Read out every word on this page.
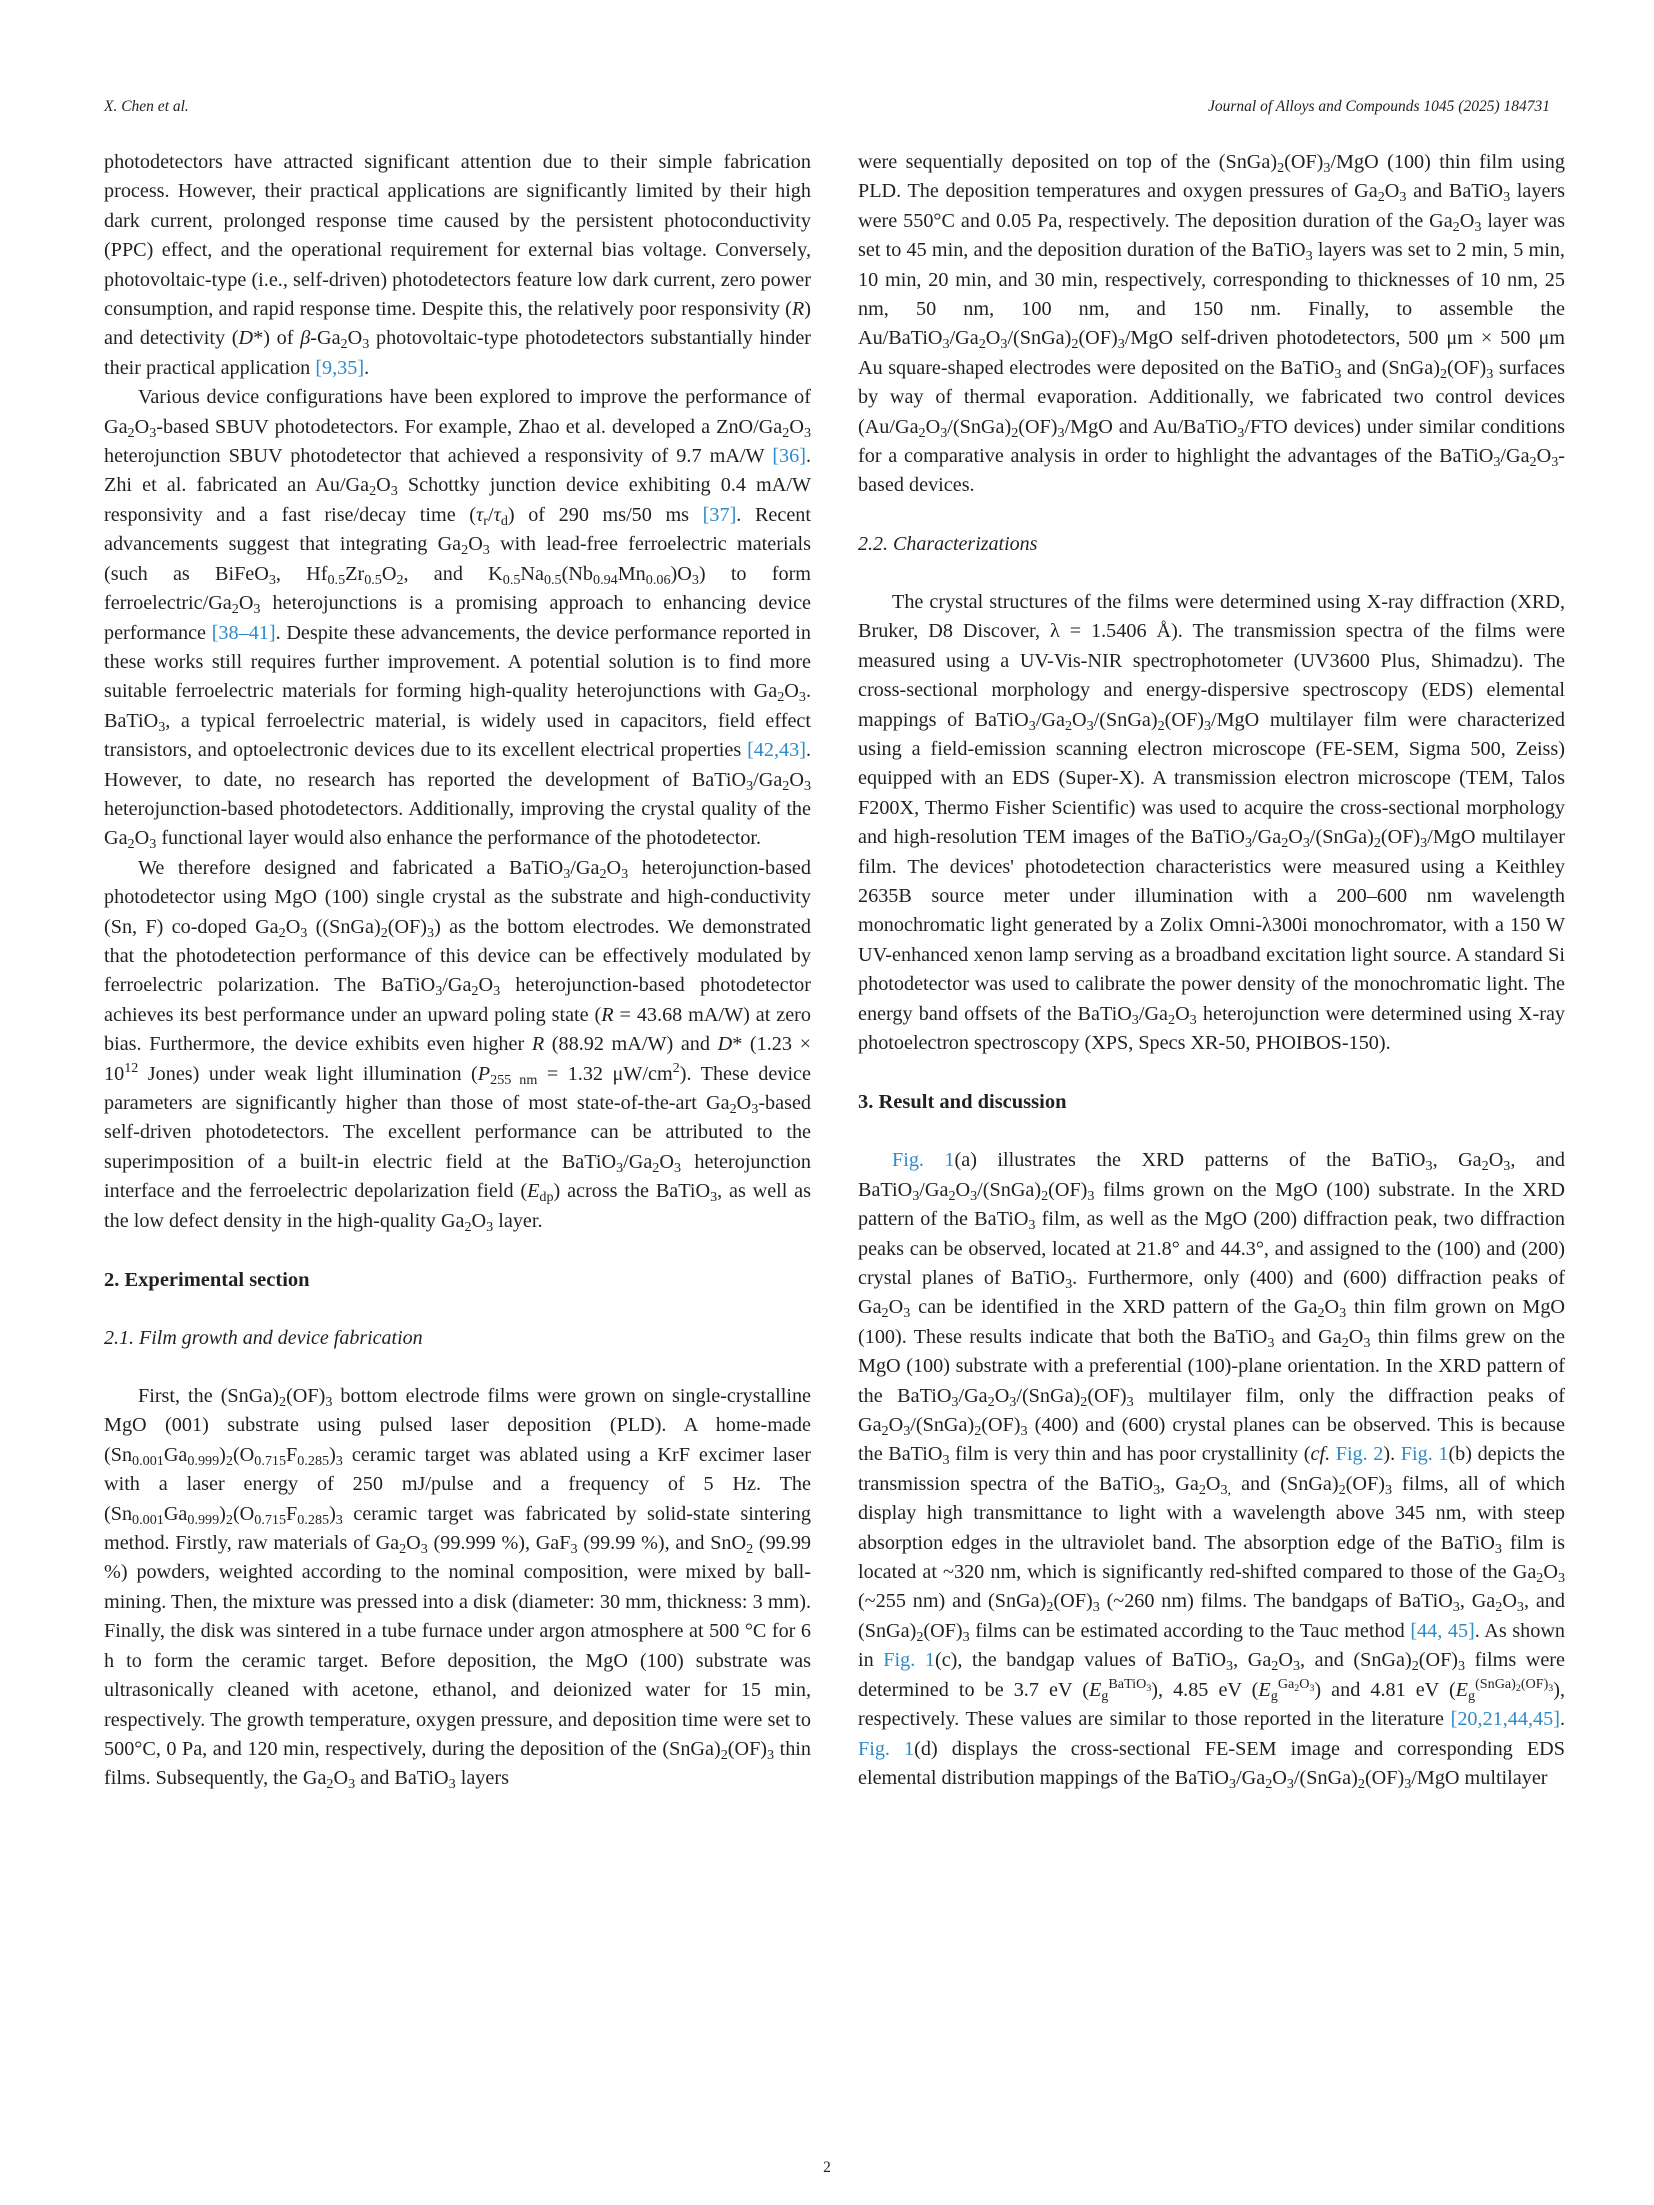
X. Chen et al.	Journal of Alloys and Compounds 1045 (2025) 184731

photodetectors have attracted significant attention due to their simple fabrication process. However, their practical applications are significantly limited by their high dark current, prolonged response time caused by the persistent photoconductivity (PPC) effect, and the operational requirement for external bias voltage. Conversely, photovoltaic-type (i.e., self-driven) photodetectors feature low dark current, zero power consumption, and rapid response time. Despite this, the relatively poor responsivity (R) and detectivity (D*) of $\beta-Ga_2O_3$ photovoltaic-type photodetectors substantially hinder their practical application [9,35].

Various device configurations have been explored to improve the performance of $Ga_2O_3$-based SBUV photodetectors. For example, Zhao et al. developed a ZnO/$Ga_2O_3$ heterojunction SBUV photodetector that achieved a responsivity of 9.7 mA/W [36]. Zhi et al. fabricated an $Au/Ga_2O_3$ Schottky junction device exhibiting 0.4 mA/W responsivity and a fast rise/decay time $(\tau_r/\tau_d)$ of 290 ms/50 ms [37]. Recent advancements suggest that integrating $Ga_2O_3$ with lead-free ferroelectric materials (such as BiFeO$_3$, $Hf_{0.5}Zr_{0.5}O_2$, and $K_{0.5}Na_{0.5}(Nb_{0.94}Mn_{0.06})O_3$) to form ferroelectric/$Ga_2O_3$ heterojunctions is a promising approach to enhancing device performance [38–41]. Despite these advancements, the device performance reported in these works still requires further improvement. A potential solution is to find more suitable ferroelectric materials for forming high-quality heterojunctions with $Ga_2O_3$. BaTiO$_3$, a typical ferroelectric material, is widely used in capacitors, field effect transistors, and optoelectronic devices due to its excellent electrical properties [42,43]. However, to date, no research has reported the development of $BaTiO_3/Ga_2O_3$ heterojunction-based photodetectors. Additionally, improving the crystal quality of the $Ga_2O_3$ functional layer would also enhance the performance of the photodetector.

We therefore designed and fabricated a $BaTiO_3/Ga_2O_3$ heterojunction-based photodetector using MgO (100) single crystal as the substrate and high-conductivity (Sn, F) co-doped $Ga_2O_3$ $((SnGa)_2(OF)_3)$ as the bottom electrodes. We demonstrated that the photodetection performance of this device can be effectively modulated by ferroelectric polarization. The $BaTiO_3/Ga_2O_3$ heterojunction-based photodetector achieves its best performance under an upward poling state (R = 43.68 mA/W) at zero bias. Furthermore, the device exhibits even higher R (88.92 mA/W) and D* ($1.23 \times 10^{12}$ Jones) under weak light illumination ($P_{255 nm} = 1.32$ $\mu W/cm^2$). These device parameters are significantly higher than those of most state-of-the-art $Ga_2O_3$-based self-driven photodetectors. The excellent performance can be attributed to the superimposition of a built-in electric field at the $BaTiO_3/Ga_2O_3$ heterojunction interface and the ferroelectric depolarization field $(E_{dp})$ across the BaTiO$_3$, as well as the low defect density in the high-quality $Ga_2O_3$ layer.

2. Experimental section
2.1. Film growth and device fabrication

First, the $(SnGa)_2(OF)_3$ bottom electrode films were grown on single-crystalline MgO (001) substrate using pulsed laser deposition (PLD). A home-made $(Sn_{0.001}Ga_{0.999})_2(O_{0.715}F_{0.285})_3$ ceramic target was ablated using a KrF excimer laser with a laser energy of 250 mJ/pulse and a frequency of 5 Hz. The $(Sn_{0.001}Ga_{0.999})_2(O_{0.715}F_{0.285})_3$ ceramic target was fabricated by solid-state sintering method. Firstly, raw materials of $Ga_2O_3$ (99.999 %), GaF$_3$ (99.99 %), and SnO$_2$ (99.99 %) powders, weighted according to the nominal composition, were mixed by ball-mining. Then, the mixture was pressed into a disk (diameter: 30 mm, thickness: 3 mm). Finally, the disk was sintered in a tube furnace under argon atmosphere at 500 °C for 6 h to form the ceramic target. Before deposition, the MgO (100) substrate was ultrasonically cleaned with acetone, ethanol, and deionized water for 15 min, respectively. The growth temperature, oxygen pressure, and deposition time were set to 500°C, 0 Pa, and 120 min, respectively, during the deposition of the $(SnGa)_2(OF)_3$ thin films. Subsequently, the $Ga_2O_3$ and BaTiO$_3$ layers

were sequentially deposited on top of the $(SnGa)_2(OF)_3$/MgO (100) thin film using PLD. The deposition temperatures and oxygen pressures of $Ga_2O_3$ and BaTiO$_3$ layers were 550°C and 0.05 Pa, respectively. The deposition duration of the $Ga_2O_3$ layer was set to 45 min, and the deposition duration of the BaTiO$_3$ layers was set to 2 min, 5 min, 10 min, 20 min, and 30 min, respectively, corresponding to thicknesses of 10 nm, 25 nm, 50 nm, 100 nm, and 150 nm. Finally, to assemble the $Au/BaTiO_3/Ga_2O_3/(SnGa)_2(OF)_3$/MgO self-driven photodetectors, 500 μm × 500 μm Au square-shaped electrodes were deposited on the BaTiO$_3$ and $(SnGa)_2(OF)_3$ surfaces by way of thermal evaporation. Additionally, we fabricated two control devices ($Au/Ga_2O_3/(SnGa)_2(OF)_3$/MgO and Au/BaTiO$_3$/FTO devices) under similar conditions for a comparative analysis in order to highlight the advantages of the $BaTiO_3/Ga_2O_3$-based devices.

2.2. Characterizations

The crystal structures of the films were determined using X-ray diffraction (XRD, Bruker, D8 Discover, λ = 1.5406 Å). The transmission spectra of the films were measured using a UV-Vis-NIR spectrophotometer (UV3600 Plus, Shimadzu). The cross-sectional morphology and energy-dispersive spectroscopy (EDS) elemental mappings of $BaTiO_3/Ga_2O_3/(SnGa)_2(OF)_3$/MgO multilayer film were characterized using a field-emission scanning electron microscope (FE-SEM, Sigma 500, Zeiss) equipped with an EDS (Super-X). A transmission electron microscope (TEM, Talos F200X, Thermo Fisher Scientific) was used to acquire the cross-sectional morphology and high-resolution TEM images of the $BaTiO_3/Ga_2O_3/(SnGa)_2(OF)_3$/MgO multilayer film. The devices' photodetection characteristics were measured using a Keithley 2635B source meter under illumination with a 200–600 nm wavelength monochromatic light generated by a Zolix Omni-λ300i monochromator, with a 150 W UV-enhanced xenon lamp serving as a broadband excitation light source. A standard Si photodetector was used to calibrate the power density of the monochromatic light. The energy band offsets of the $BaTiO_3/Ga_2O_3$ heterojunction were determined using X-ray photoelectron spectroscopy (XPS, Specs XR-50, PHOIBOS-150).

3. Result and discussion

Fig. 1(a) illustrates the XRD patterns of the BaTiO$_3$, $Ga_2O_3$, and $BaTiO_3/Ga_2O_3/(SnGa)_2(OF)_3$ films grown on the MgO (100) substrate. In the XRD pattern of the BaTiO$_3$ film, as well as the MgO (200) diffraction peak, two diffraction peaks can be observed, located at 21.8° and 44.3°, and assigned to the (100) and (200) crystal planes of BaTiO$_3$. Furthermore, only (400) and (600) diffraction peaks of $Ga_2O_3$ can be identified in the XRD pattern of the $Ga_2O_3$ thin film grown on MgO (100). These results indicate that both the BaTiO$_3$ and $Ga_2O_3$ thin films grew on the MgO (100) substrate with a preferential (100)-plane orientation. In the XRD pattern of the $BaTiO_3/Ga_2O_3/(SnGa)_2(OF)_3$ multilayer film, only the diffraction peaks of $Ga_2O_3/(SnGa)_2(OF)_3$ (400) and (600) crystal planes can be observed. This is because the BaTiO$_3$ film is very thin and has poor crystallinity (cf. Fig. 2). Fig. 1(b) depicts the transmission spectra of the BaTiO$_3$, $Ga_2O_{3,}$ and $(SnGa)_2(OF)_3$ films, all of which display high transmittance to light with a wavelength above 345 nm, with steep absorption edges in the ultraviolet band. The absorption edge of the BaTiO$_3$ film is located at ~320 nm, which is significantly red-shifted compared to those of the $Ga_2O_3$ (~255 nm) and $(SnGa)_2(OF)_3$ (~260 nm) films. The bandgaps of BaTiO$_3$, $Ga_2O_3$, and $(SnGa)_2(OF)_3$ films can be estimated according to the Tauc method [44, 45]. As shown in Fig. 1(c), the bandgap values of BaTiO$_3$, $Ga_2O_3$, and $(SnGa)_2(OF)_3$ films were determined to be 3.7 eV $(E_g^{BaTiO_3})$, 4.85 eV $(E_g^{Ga_2O_3})$ and 4.81 eV $(E_g^{(SnGa)_2(OF)_3})$, respectively. These values are similar to those reported in the literature [20,21,44,45]. Fig. 1(d) displays the cross-sectional FE-SEM image and corresponding EDS elemental distribution mappings of the $BaTiO_3/Ga_2O_3/(SnGa)_2(OF)_3$/MgO multilayer

2
